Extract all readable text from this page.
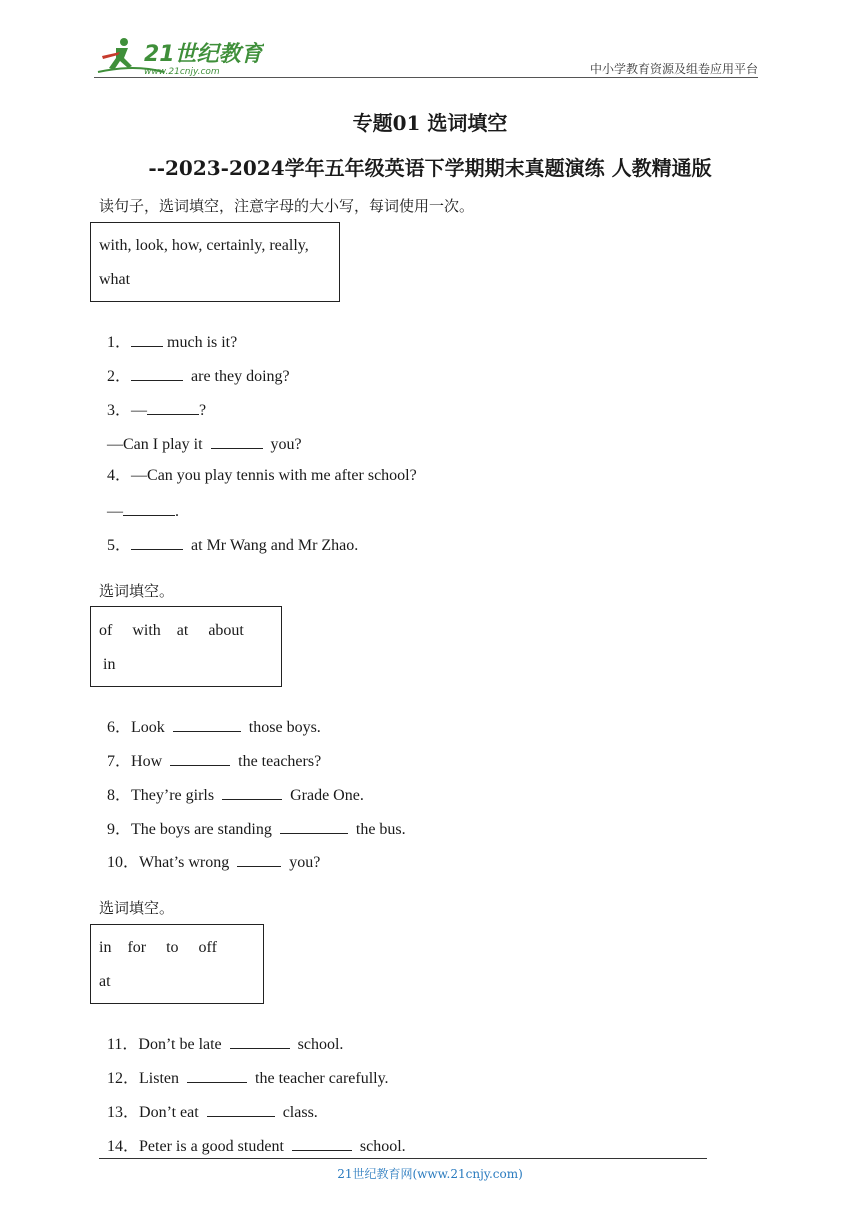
21世纪教育
www.21cnjy.com	中小学教育资源及组卷应用平台
专题01 选词填空
--2023-2024学年五年级英语下学期期末真题演练 人教精通版
读句子，选词填空，注意字母的大小写，每词使用一次。
with, look, how, certainly, really,
what

1． much is it?

2．	are they doing?

3．—	?

—Can I play it	you?

4．—Can you play tennis with me after school?

—	.

5．	at Mr Wang and Mr Zhao.

选词填空。
of     with    at     about
in

6．Look	those boys.

7．How	the teachers?

8．They’re girls	Grade One.

9．The boys are standing	the bus.

10．What’s wrong	you?

选词填空。
in    for     to     off
at

11．Don’t be late	school.

12．Listen	the teacher carefully.

13．Don’t eat	class.

14．Peter is a good student	school.

21世纪教育网(www.21cnjy.com)
